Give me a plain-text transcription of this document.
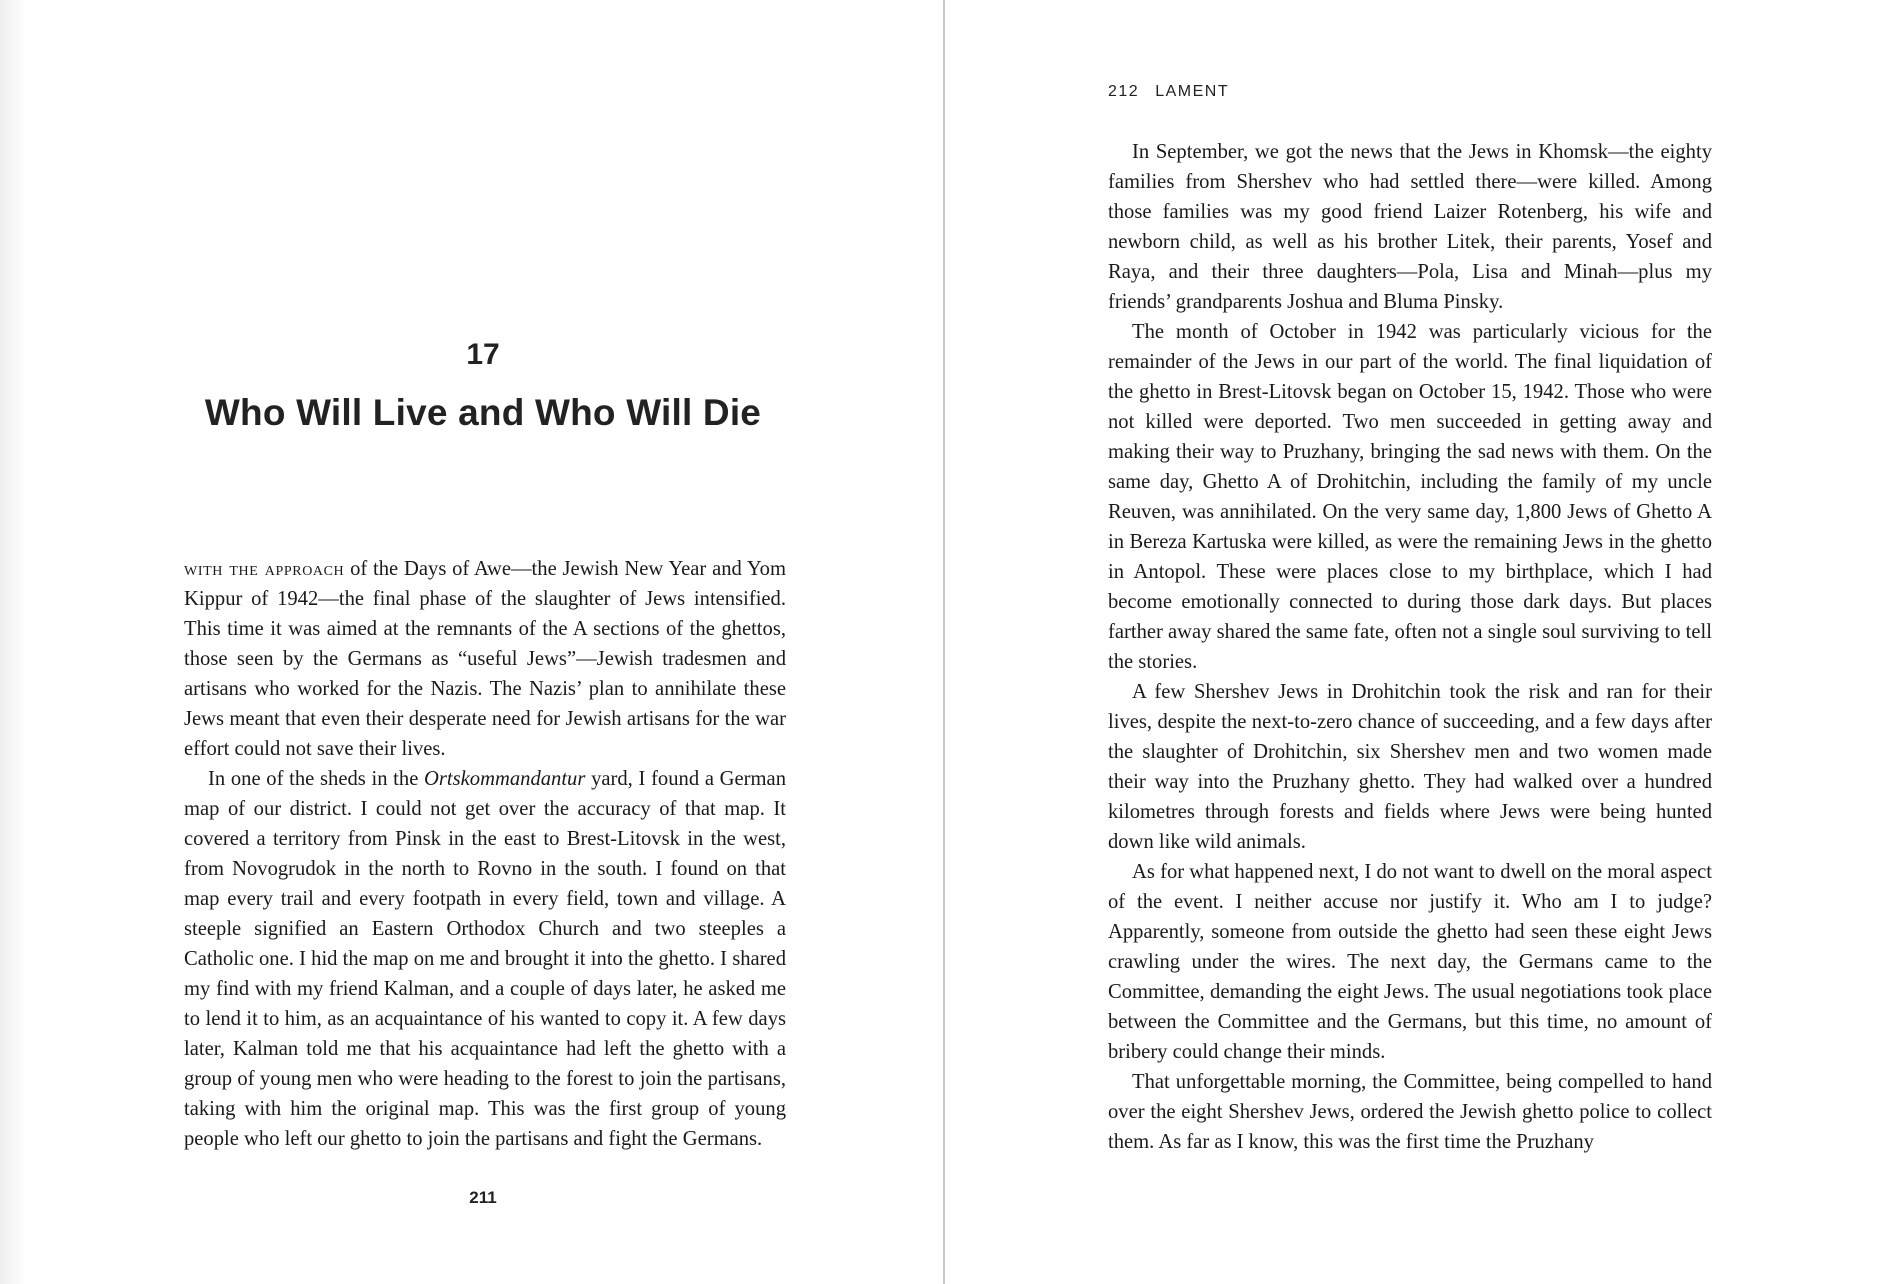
17
Who Will Live and Who Will Die

with the approach of the Days of Awe—the Jewish New Year and Yom Kippur of 1942—the final phase of the slaughter of Jews intensified. This time it was aimed at the remnants of the A sections of the ghettos, those seen by the Germans as “useful Jews”—Jewish tradesmen and artisans who worked for the Nazis. The Nazis’ plan to annihilate these Jews meant that even their desperate need for Jewish artisans for the war effort could not save their lives.

In one of the sheds in the Ortskommandantur yard, I found a German map of our district. I could not get over the accuracy of that map. It covered a territory from Pinsk in the east to Brest-Litovsk in the west, from Novogrudok in the north to Rovno in the south. I found on that map every trail and every footpath in every field, town and village. A steeple signified an Eastern Orthodox Church and two steeples a Catholic one. I hid the map on me and brought it into the ghetto. I shared my find with my friend Kalman, and a couple of days later, he asked me to lend it to him, as an acquaintance of his wanted to copy it. A few days later, Kalman told me that his acquaintance had left the ghetto with a group of young men who were heading to the forest to join the partisans, taking with him the original map. This was the first group of young people who left our ghetto to join the partisans and fight the Germans.

211
212 LAMENT

In September, we got the news that the Jews in Khomsk—the eighty families from Shershev who had settled there—were killed. Among those families was my good friend Laizer Rotenberg, his wife and newborn child, as well as his brother Litek, their parents, Yosef and Raya, and their three daughters—Pola, Lisa and Minah—plus my friends’ grandparents Joshua and Bluma Pinsky.

The month of October in 1942 was particularly vicious for the remainder of the Jews in our part of the world. The final liquidation of the ghetto in Brest-Litovsk began on October 15, 1942. Those who were not killed were deported. Two men succeeded in getting away and making their way to Pruzhany, bringing the sad news with them. On the same day, Ghetto A of Drohitchin, including the family of my uncle Reuven, was annihilated. On the very same day, 1,800 Jews of Ghetto A in Bereza Kartuska were killed, as were the remaining Jews in the ghetto in Antopol. These were places close to my birthplace, which I had become emotionally connected to during those dark days. But places farther away shared the same fate, often not a single soul surviving to tell the stories.

A few Shershev Jews in Drohitchin took the risk and ran for their lives, despite the next-to-zero chance of succeeding, and a few days after the slaughter of Drohitchin, six Shershev men and two women made their way into the Pruzhany ghetto. They had walked over a hundred kilometres through forests and fields where Jews were being hunted down like wild animals.

As for what happened next, I do not want to dwell on the moral aspect of the event. I neither accuse nor justify it. Who am I to judge? Apparently, someone from outside the ghetto had seen these eight Jews crawling under the wires. The next day, the Germans came to the Committee, demanding the eight Jews. The usual negotiations took place between the Committee and the Germans, but this time, no amount of bribery could change their minds.

That unforgettable morning, the Committee, being compelled to hand over the eight Shershev Jews, ordered the Jewish ghetto police to collect them. As far as I know, this was the first time the Pruzhany
